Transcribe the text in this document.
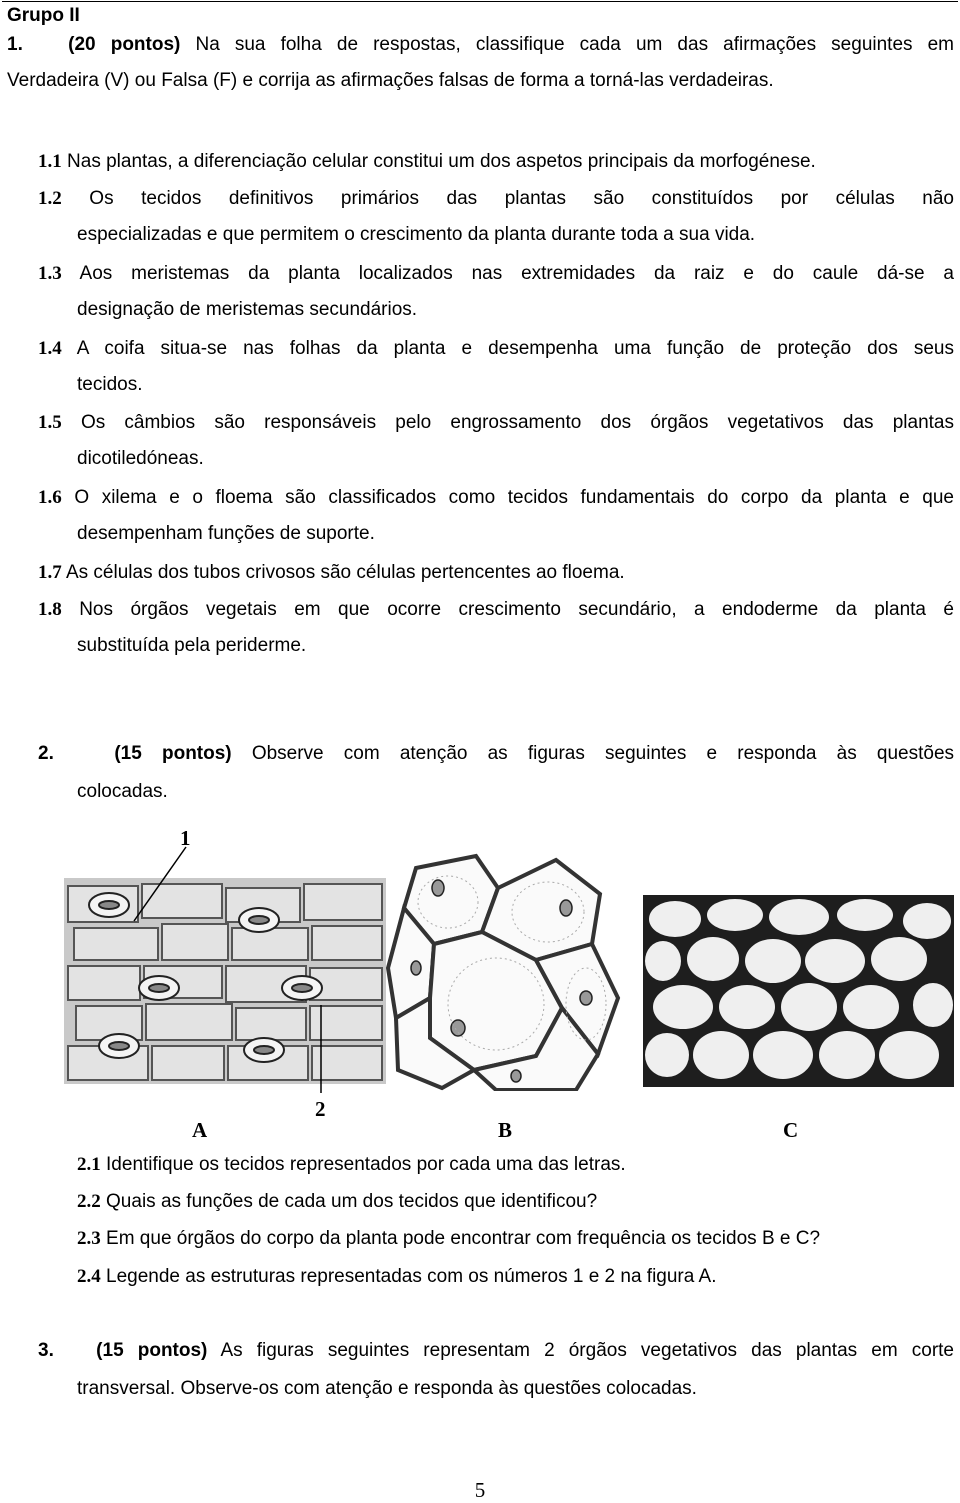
Grupo II
1. (20 pontos) Na sua folha de respostas, classifique cada um das afirmações seguintes em
Verdadeira (V) ou Falsa (F) e corrija as afirmações falsas de forma a torná-las verdadeiras.
1.1 Nas plantas, a diferenciação celular constitui um dos aspetos principais da morfogénese.
1.2 Os tecidos definitivos primários das plantas são constituídos por células não
especializadas e que permitem o crescimento da planta durante toda a sua vida.
1.3 Aos meristemas da planta localizados nas extremidades da raiz e do caule dá-se a
designação de meristemas secundários.
1.4 A coifa situa-se nas folhas da planta e desempenha uma função de proteção dos seus
tecidos.
1.5 Os câmbios são responsáveis pelo engrossamento dos órgãos vegetativos das plantas
dicotiledóneas.
1.6 O xilema e o floema são classificados como tecidos fundamentais do corpo da planta e que
desempenham funções de suporte.
1.7 As células dos tubos crivosos são células pertencentes ao floema.
1.8 Nos órgãos vegetais em que ocorre crescimento secundário, a endoderme da planta é
substituída pela periderme.
2.	(15 pontos) Observe com atenção as figuras seguintes e responda às questões
colocadas.
1
2
A	B	C
2.1 Identifique os tecidos representados por cada uma das letras.
2.2 Quais as funções de cada um dos tecidos que identificou?
2.3 Em que órgãos do corpo da planta pode encontrar com frequência os tecidos B e C?
2.4 Legende as estruturas representadas com os números 1 e 2 na figura A.
3. (15 pontos) As figuras seguintes representam 2 órgãos vegetativos das plantas em corte
transversal. Observe-os com atenção e responda às questões colocadas.
5
